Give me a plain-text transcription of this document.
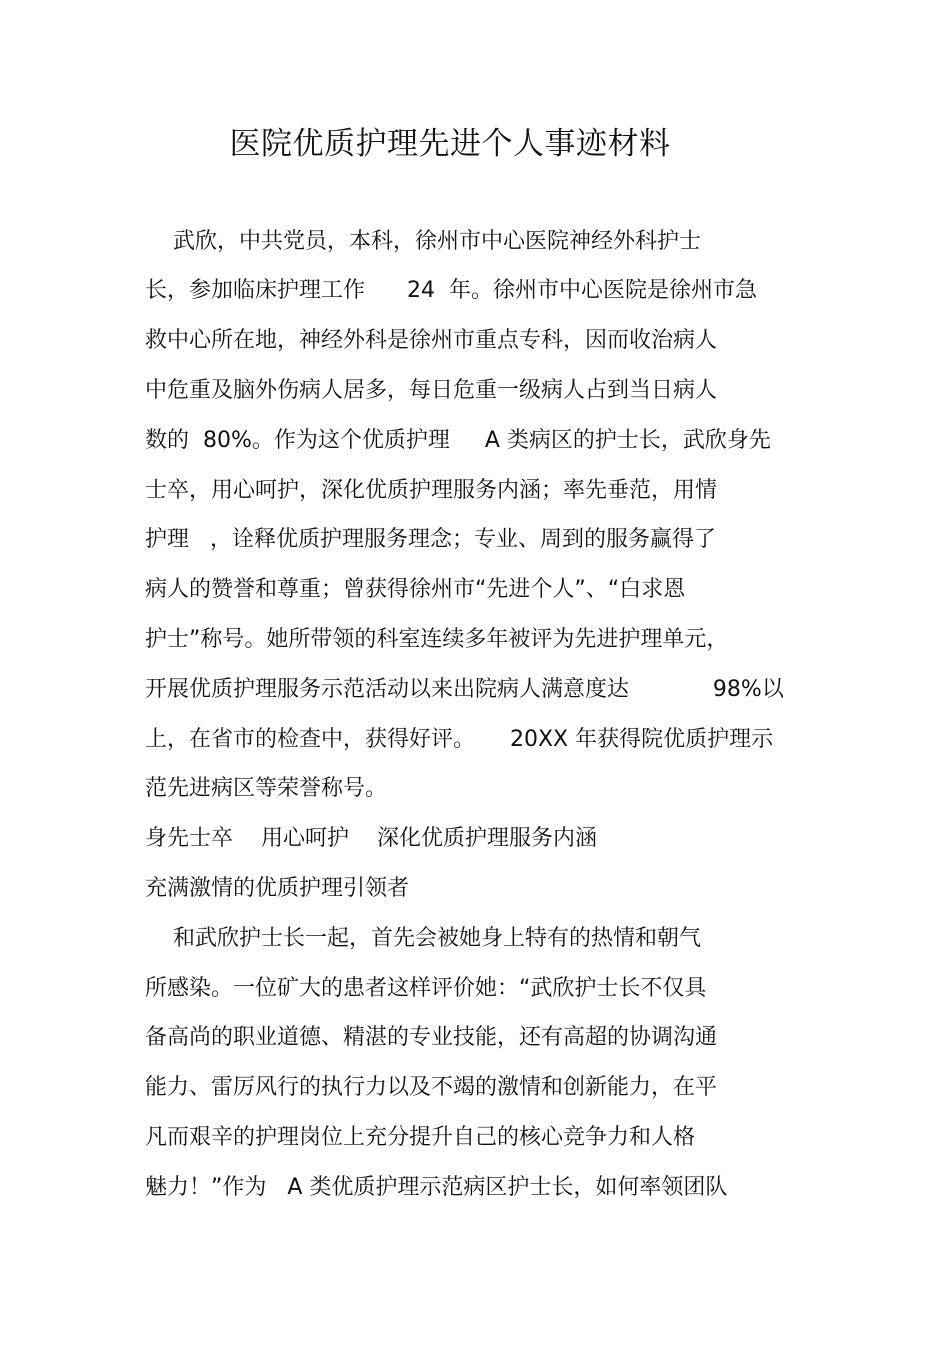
医院优质护理先进个人事迹材料
武欣，中共党员，本科，徐州市中心医院神经外科护士
长，参加临床护理工作      24  年。徐州市中心医院是徐州市急
救中心所在地，神经外科是徐州市重点专科，因而收治病人
中危重及脑外伤病人居多，每日危重一级病人占到当日病人
数的  80%。作为这个优质护理     A 类病区的护士长，武欣身先
士卒，用心呵护，深化优质护理服务内涵；率先垂范，用情
护理   ，诠释优质护理服务理念；专业、周到的服务赢得了
病人的赞誉和尊重；曾获得徐州市“先进个人”、“白求恩
护士”称号。她所带领的科室连续多年被评为先进护理单元，
开展优质护理服务示范活动以来出院病人满意度达            98%以
上，在省市的检查中，获得好评。     20XX 年获得院优质护理示
范先进病区等荣誉称号。
身先士卒    用心呵护    深化优质护理服务内涵
充满激情的优质护理引领者
和武欣护士长一起，首先会被她身上特有的热情和朝气
所感染。一位矿大的患者这样评价她：“武欣护士长不仅具
备高尚的职业道德、精湛的专业技能，还有高超的协调沟通
能力、雷厉风行的执行力以及不竭的激情和创新能力，在平
凡而艰辛的护理岗位上充分提升自己的核心竞争力和人格
魅力！”作为   A 类优质护理示范病区护士长，如何率领团队
